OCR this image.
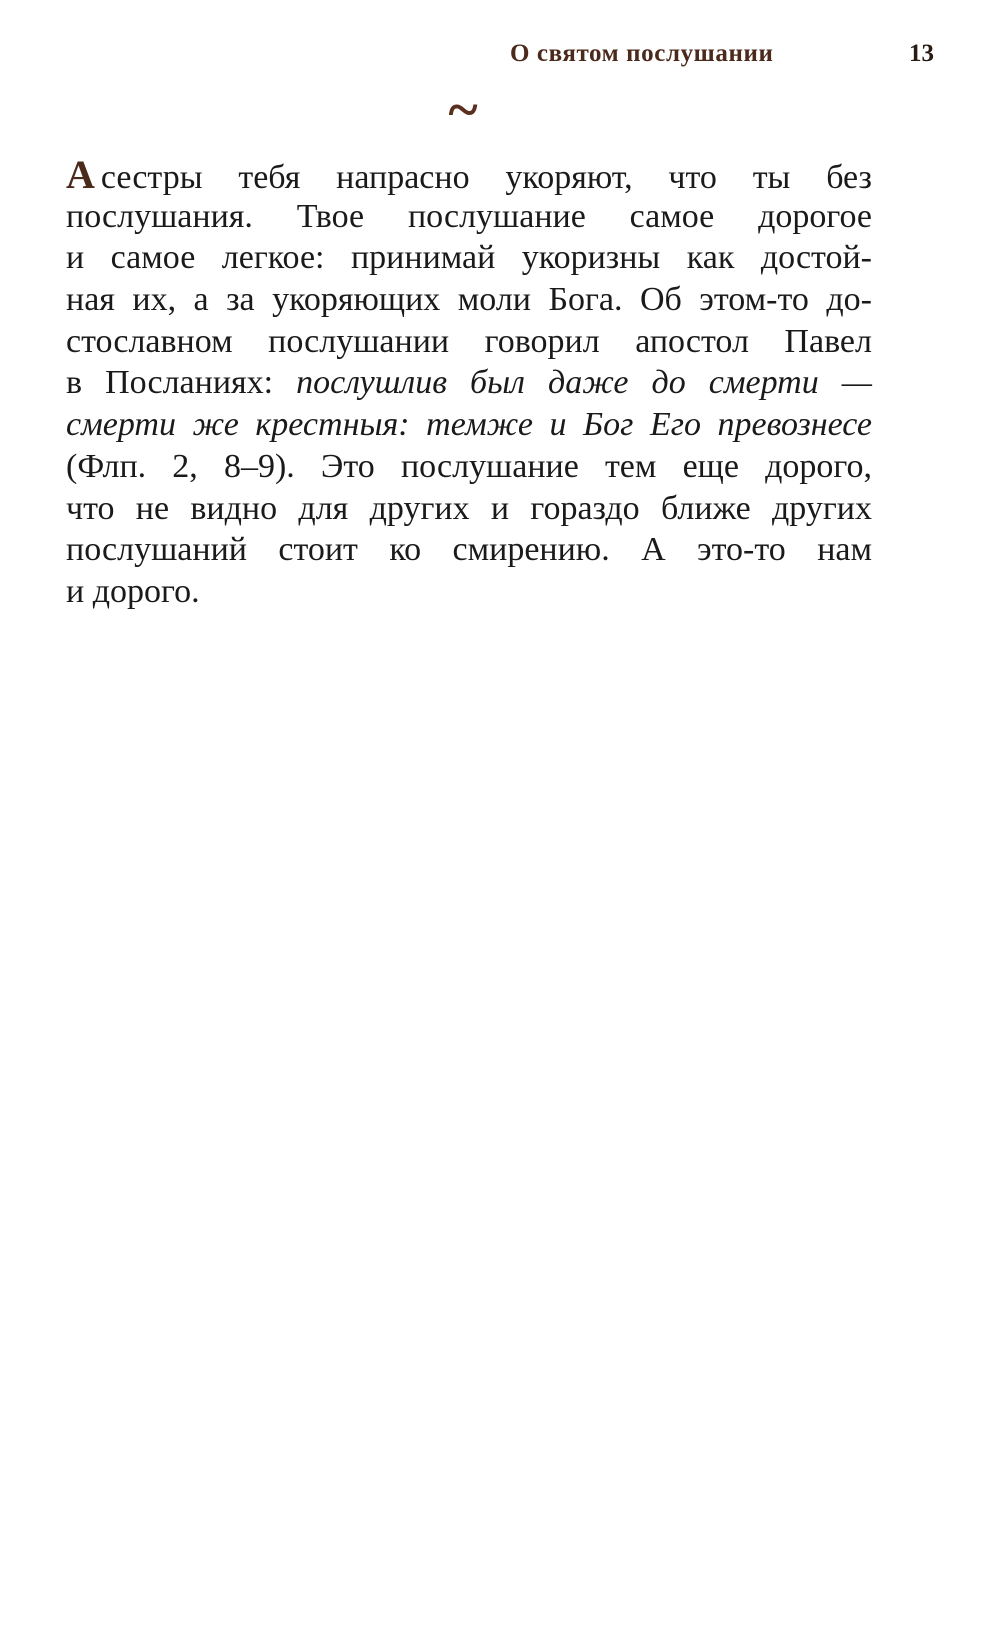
О святом послушании	13
~
А сестры тебя напрасно укоряют, что ты без
послушания. Твое послушание самое дорогое
и самое легкое: принимай укоризны как достой-
ная их, а за укоряющих моли Бога. Об этом-то до-
стославном послушании говорил апостол Павел
в Посланиях: послушлив был даже до смерти —
смерти же крестныя: темже и Бог Его превознесе
(Флп. 2, 8–9). Это послушание тем еще дорого,
что не видно для других и гораздо ближе других
послушаний стоит ко смирению. А это-то нам
и дорого.
